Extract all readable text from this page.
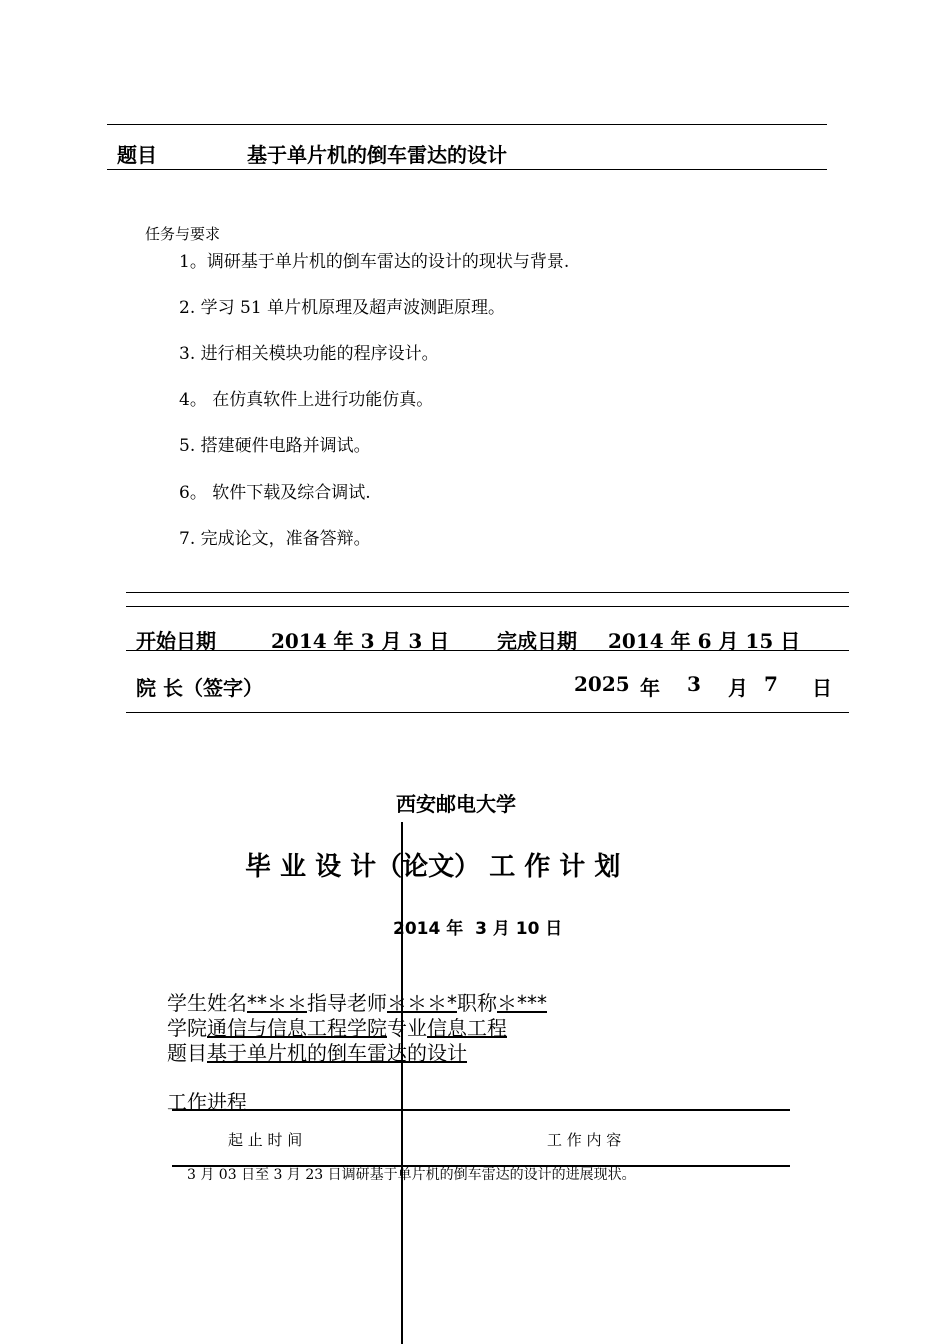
题目	基于单片机的倒车雷达的设计
任务与要求
1。调研基于单片机的倒车雷达的设计的现状与背景.
2. 学习 51 单片机原理及超声波测距原理。
3. 进行相关模块功能的程序设计。
4。 在仿真软件上进行功能仿真。
5. 搭建硬件电路并调试。
6。 软件下载及综合调试.
7. 完成论文，准备答辩。
开始日期	2014 年 3 月 3 日 完成日期 2014 年 6 月 15 日
院 长（签字）	2025 年 3 月 7 日
西安邮电大学
毕 业 设 计（论文） 工 作 计 划
2014 年  3 月 10 日
学生姓名**＊＊指导老师＊＊＊*职称＊***
学院通信与信息工程学院专业信息工程
题目基于单片机的倒车雷达的设计
工作进程
起 止 时 间	工 作 内 容
3 月 03 日至 3 月 23 日调研基于单片机的倒车雷达的设计的进展现状。
